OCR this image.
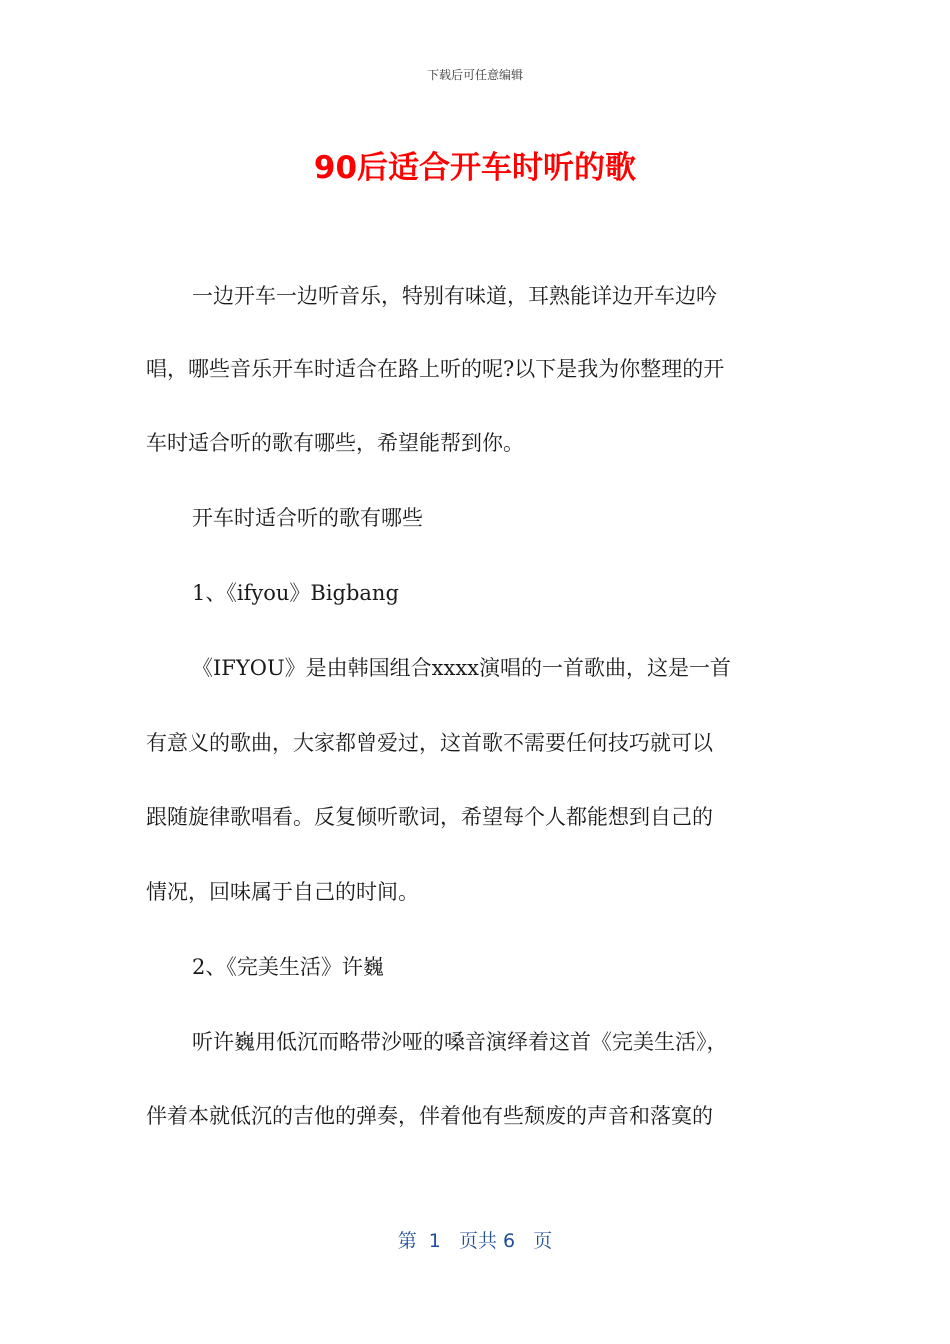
下载后可任意编辑
90后适合开车时听的歌
一边开车一边听音乐，特别有味道，耳熟能详边开车边吟
唱，哪些音乐开车时适合在路上听的呢?以下是我为你整理的开
车时适合听的歌有哪些，希望能帮到你。
开车时适合听的歌有哪些
1、《ifyou》Bigbang
《IFYOU》是由韩国组合xxxx演唱的一首歌曲，这是一首
有意义的歌曲，大家都曾爱过，这首歌不需要任何技巧就可以
跟随旋律歌唱看。反复倾听歌词，希望每个人都能想到自己的
情况，回味属于自己的时间。
2、《完美生活》许巍
听许巍用低沉而略带沙哑的嗓音演绎着这首《完美生活》，
伴着本就低沉的吉他的弹奏，伴着他有些颓废的声音和落寞的
第  1   页共 6   页
